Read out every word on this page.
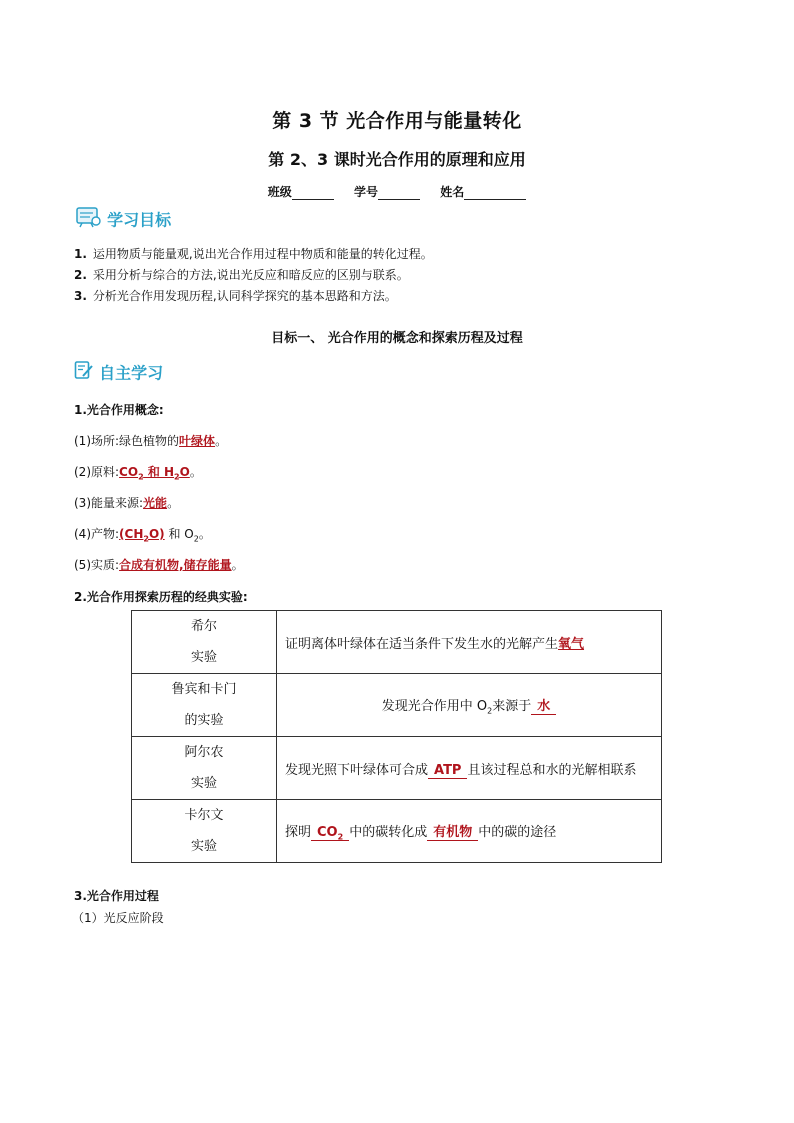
第 3 节 光合作用与能量转化
第 2、3 课时光合作用的原理和应用
班级	学号	姓名
学习目标
1. 运用物质与能量观,说出光合作用过程中物质和能量的转化过程。
2. 采用分析与综合的方法,说出光反应和暗反应的区别与联系。
3. 分析光合作用发现历程,认同科学探究的基本思路和方法。
目标一、 光合作用的概念和探索历程及过程
自主学习
1.光合作用概念:
(1)场所:绿色植物的叶绿体。
(2)原料$:CO_2$ 和 $H_2O$。
(3)能量来源:光能。
(4)产物$:(CH_2O)$ 和 $O_2$。
(5)实质:合成有机物,储存能量。
2.光合作用探索历程的经典实验:
希尔
实验	证明离体叶绿体在适当条件下发生水的光解产生氧气

鲁宾和卡门
的实验	发现光合作用中 $O_2$来源于 水

阿尔农
实验	发现光照下叶绿体可合成 ATP 且该过程总和水的光解相联系

卡尔文
实验	探明 $CO_2$ 中的碳转化成 有机物 中的碳的途径
3.光合作用过程
（1）光反应阶段
